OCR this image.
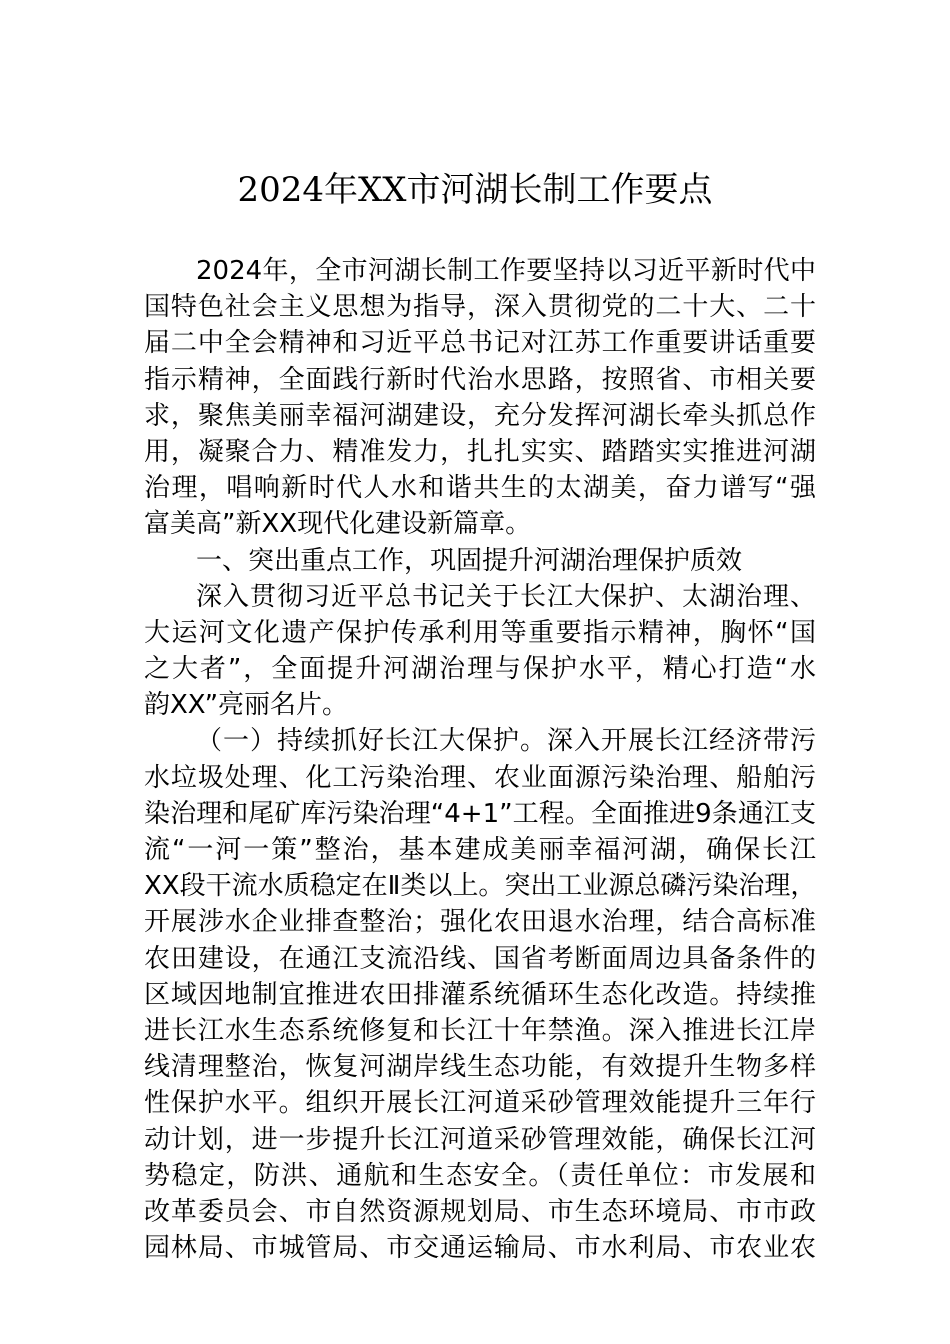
2024年XX市河湖长制工作要点
2024年，全市河湖长制工作要坚持以习近平新时代中
国特色社会主义思想为指导，深入贯彻党的二十大、二十
届二中全会精神和习近平总书记对江苏工作重要讲话重要
指示精神，全面践行新时代治水思路，按照省、市相关要
求，聚焦美丽幸福河湖建设，充分发挥河湖长牵头抓总作
用，凝聚合力、精准发力，扎扎实实、踏踏实实推进河湖
治理，唱响新时代人水和谐共生的太湖美，奋力谱写“强
富美高”新XX现代化建设新篇章。
一、突出重点工作，巩固提升河湖治理保护质效
深入贯彻习近平总书记关于长江大保护、太湖治理、
大运河文化遗产保护传承利用等重要指示精神，胸怀“国
之大者”，全面提升河湖治理与保护水平，精心打造“水
韵XX”亮丽名片。
（一）持续抓好长江大保护。深入开展长江经济带污
水垃圾处理、化工污染治理、农业面源污染治理、船舶污
染治理和尾矿库污染治理“4+1”工程。全面推进9条通江支
流“一河一策”整治，基本建成美丽幸福河湖，确保长江
XX段干流水质稳定在Ⅱ类以上。突出工业源总磷污染治理，
开展涉水企业排查整治；强化农田退水治理，结合高标准
农田建设，在通江支流沿线、国省考断面周边具备条件的
区域因地制宜推进农田排灌系统循环生态化改造。持续推
进长江水生态系统修复和长江十年禁渔。深入推进长江岸
线清理整治，恢复河湖岸线生态功能，有效提升生物多样
性保护水平。组织开展长江河道采砂管理效能提升三年行
动计划，进一步提升长江河道采砂管理效能，确保长江河
势稳定，防洪、通航和生态安全。（责任单位：市发展和
改革委员会、市自然资源规划局、市生态环境局、市市政
园林局、市城管局、市交通运输局、市水利局、市农业农
